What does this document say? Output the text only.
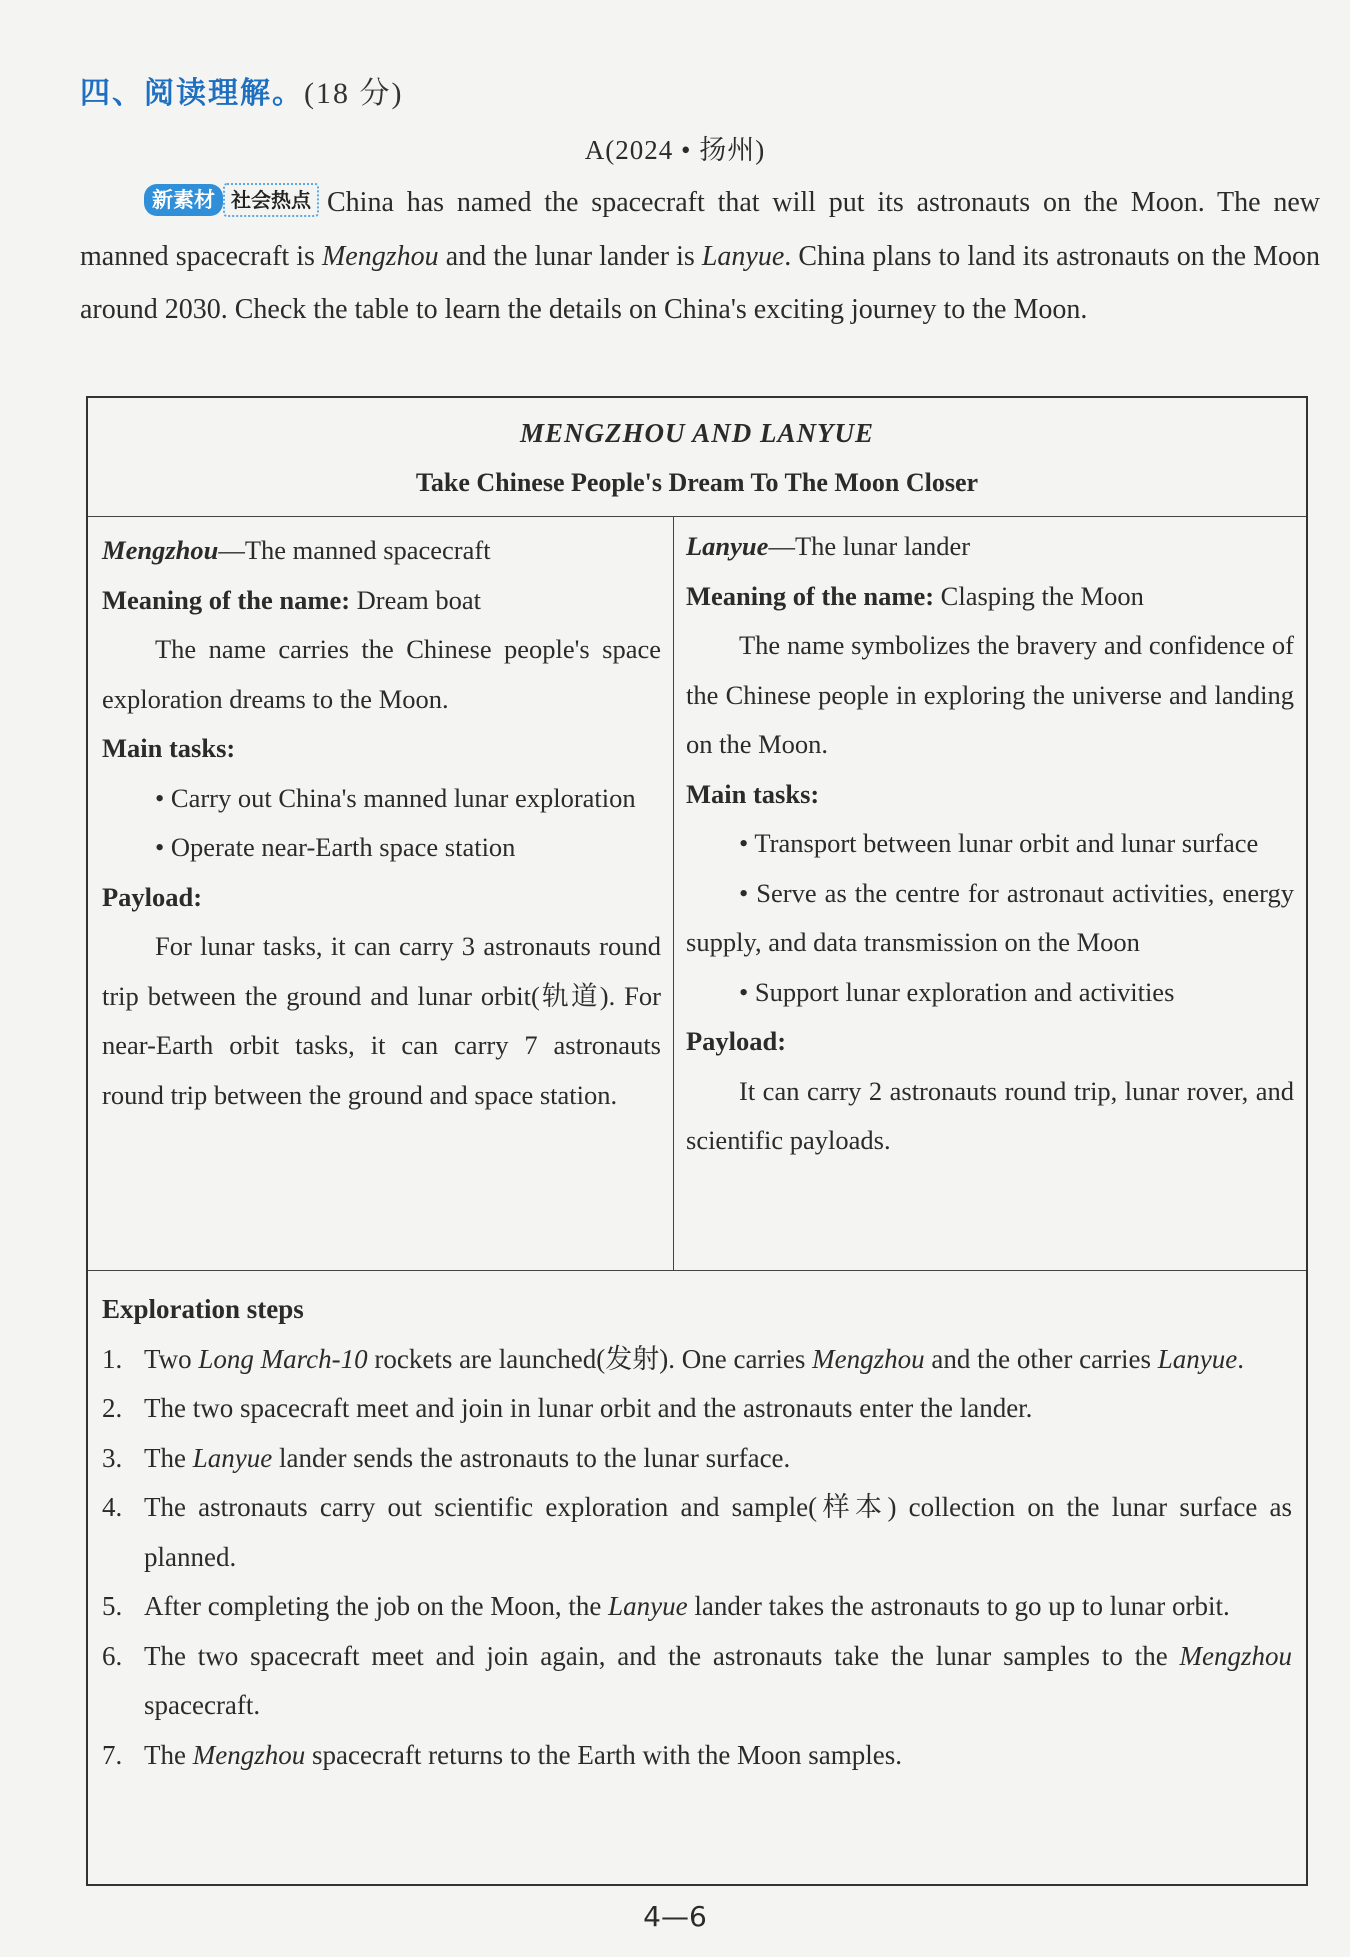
四、阅读理解。(18 分)
A(2024 • 扬州)
新素材 社会热点 China has named the spacecraft that will put its astronauts on the Moon. The new manned spacecraft is Mengzhou and the lunar lander is Lanyue. China plans to land its astronauts on the Moon around 2030. Check the table to learn the details on China's exciting journey to the Moon.
MENGZHOU AND LANYUE
Take Chinese People's Dream To The Moon Closer

Mengzhou—The manned spacecraft

Meaning of the name: Dream boat

The name carries the Chinese people's space exploration dreams to the Moon.

Main tasks:

• Carry out China's manned lunar exploration

• Operate near-Earth space station

Payload:

For lunar tasks, it can carry 3 astronauts round trip between the ground and lunar orbit(轨道). For near-Earth orbit tasks, it can carry 7 astronauts round trip between the ground and space station.

Lanyue—The lunar lander

Meaning of the name: Clasping the Moon

The name symbolizes the bravery and confidence of the Chinese people in exploring the universe and landing on the Moon.

Main tasks:

• Transport between lunar orbit and lunar surface

• Serve as the centre for astronaut activities, energy supply, and data transmission on the Moon

• Support lunar exploration and activities

Payload:

It can carry 2 astronauts round trip, lunar rover, and scientific payloads.

Exploration steps
1. Two Long March-10 rockets are launched(发射). One carries Mengzhou and the other carries Lanyue.
2. The two spacecraft meet and join in lunar orbit and the astronauts enter the lander.
3. The Lanyue lander sends the astronauts to the lunar surface.
4. The astronauts carry out scientific exploration and sample(样本) collection on the lunar surface as planned.
5. After completing the job on the Moon, the Lanyue lander takes the astronauts to go up to lunar orbit.
6. The two spacecraft meet and join again, and the astronauts take the lunar samples to the Mengzhou spacecraft.
7. The Mengzhou spacecraft returns to the Earth with the Moon samples.
4—6
